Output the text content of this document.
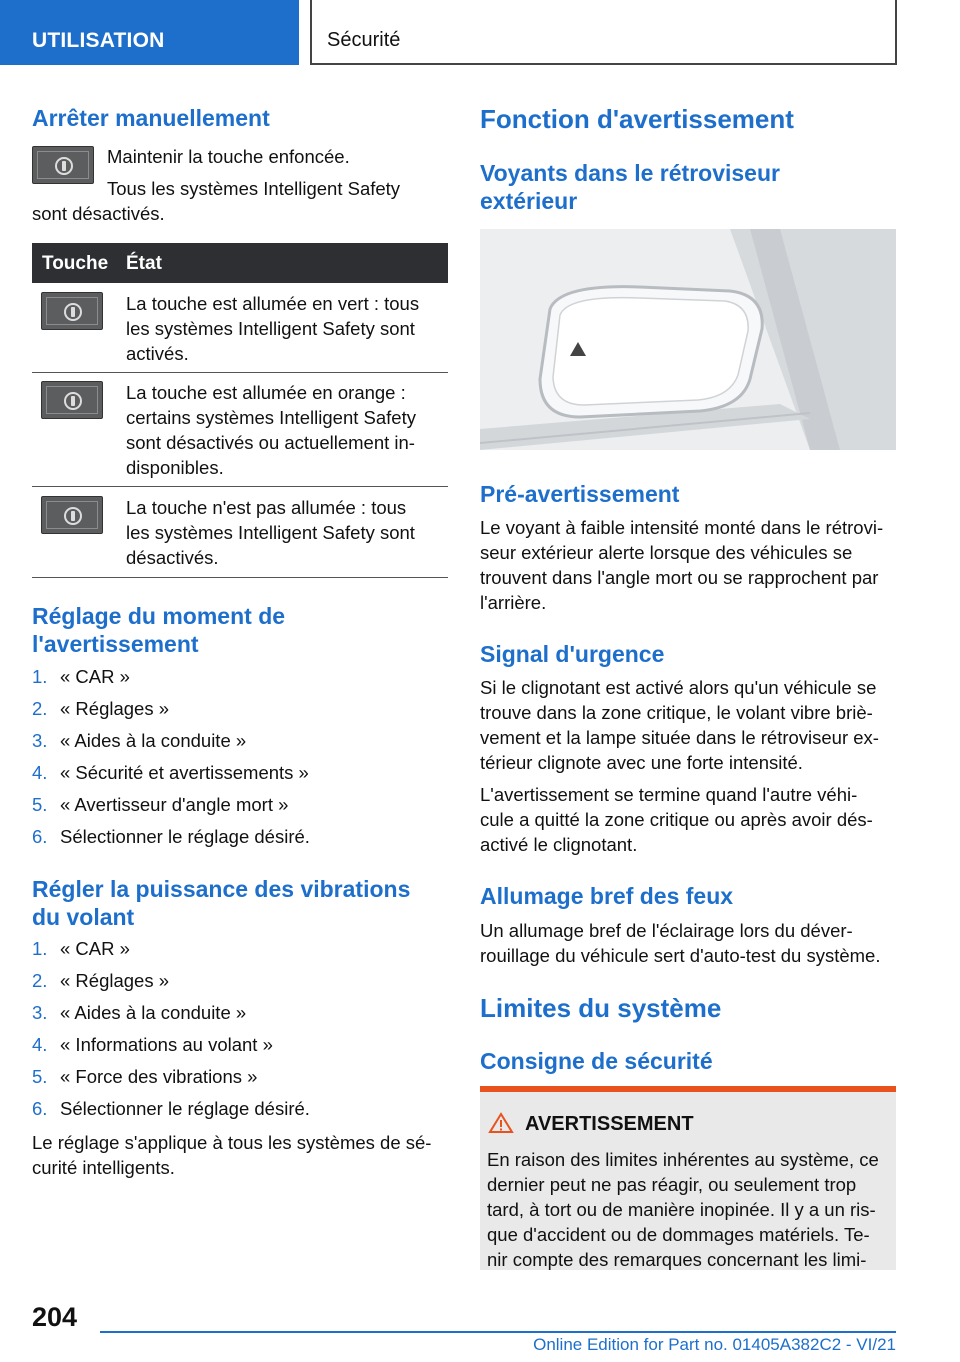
UTILISATION	Sécurité
Arrêter manuellement
Maintenir la touche enfoncée.
Tous les systèmes Intelligent Safety
sont désactivés.
Touche État
La touche est allumée en vert : tous
les systèmes Intelligent Safety sont
activés.
La touche est allumée en orange :
certains systèmes Intelligent Safety
sont désactivés ou actuellement in-
disponibles.
La touche n'est pas allumée : tous
les systèmes Intelligent Safety sont
désactivés.
Réglage du moment de
l'avertissement
1. « CAR »
2. « Réglages »
3. « Aides à la conduite »
4. « Sécurité et avertissements »
5. « Avertisseur d'angle mort »
6. Sélectionner le réglage désiré.
Régler la puissance des vibrations
du volant
1. « CAR »
2. « Réglages »
3. « Aides à la conduite »
4. « Informations au volant »
5. « Force des vibrations »
6. Sélectionner le réglage désiré.
Le réglage s'applique à tous les systèmes de sé-
curité intelligents.
Fonction d'avertissement
Voyants dans le rétroviseur
extérieur
Pré-avertissement
Le voyant à faible intensité monté dans le rétrovi-
seur extérieur alerte lorsque des véhicules se
trouvent dans l'angle mort ou se rapprochent par
l'arrière.
Signal d'urgence
Si le clignotant est activé alors qu'un véhicule se
trouve dans la zone critique, le volant vibre briè-
vement et la lampe située dans le rétroviseur ex-
térieur clignote avec une forte intensité.
L'avertissement se termine quand l'autre véhi-
cule a quitté la zone critique ou après avoir dés-
activé le clignotant.
Allumage bref des feux
Un allumage bref de l'éclairage lors du déver-
rouillage du véhicule sert d'auto-test du système.
Limites du système
Consigne de sécurité
AVERTISSEMENT
En raison des limites inhérentes au système, ce
dernier peut ne pas réagir, ou seulement trop
tard, à tort ou de manière inopinée. Il y a un ris-
que d'accident ou de dommages matériels. Te-
nir compte des remarques concernant les limi-
204
Online Edition for Part no. 01405A382C2 - VI/21
